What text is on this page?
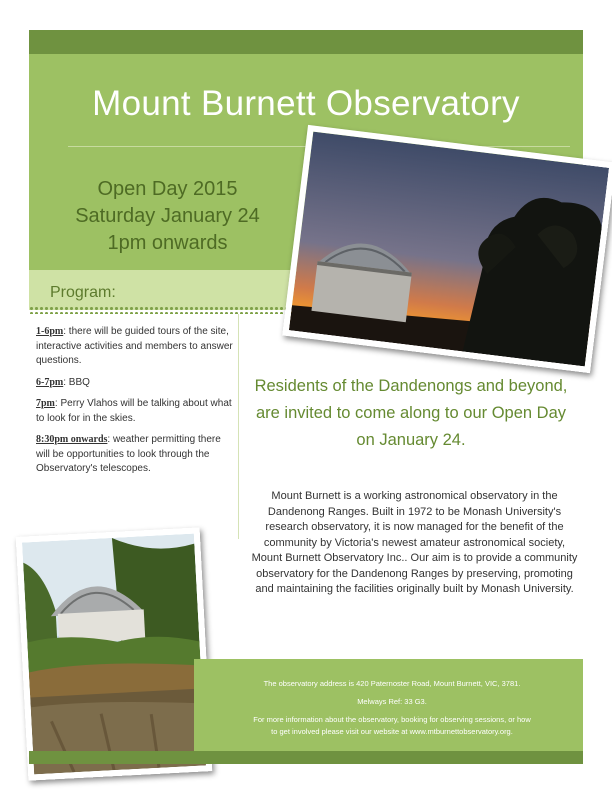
Mount Burnett Observatory
Open Day 2015
Saturday January 24
1pm onwards
Program:

1-6pm: there will be guided tours of the site, interactive activities and members to answer questions.

6-7pm: BBQ

7pm: Perry Vlahos will be talking about what to look for in the skies.

8:30pm onwards: weather permitting there will be opportunities to look through the Observatory's telescopes.

Residents of the Dandenongs and beyond, are invited to come along to our Open Day on January 24.
Mount Burnett is a working astronomical observatory in the Dandenong Ranges. Built in 1972 to be Monash University's research observatory, it is now managed for the benefit of the community by Victoria's newest amateur astronomical society, Mount Burnett Observatory Inc.. Our aim is to provide a community observatory for the Dandenong Ranges by preserving, promoting and maintaining the facilities originally built by Monash University.
The observatory address is 420 Paternoster Road, Mount Burnett, VIC, 3781.
Melways Ref: 33 G3.
For more information about the observatory, booking for observing sessions, or how
to get involved please visit our website at www.mtburnettobservatory.org.
